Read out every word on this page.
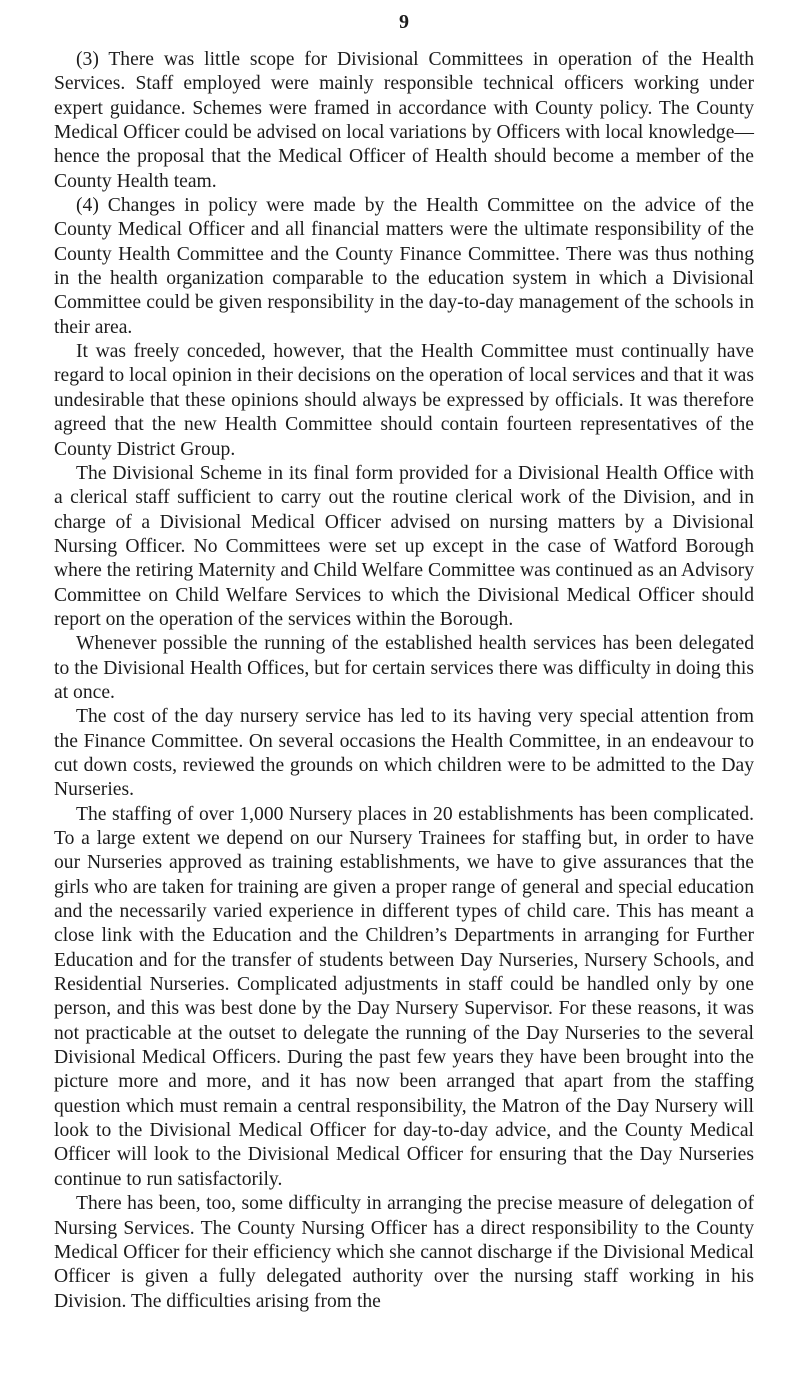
9

(3) There was little scope for Divisional Committees in operation of the Health Services. Staff employed were mainly responsible technical officers working under expert guidance. Schemes were framed in accordance with County policy. The County Medical Officer could be advised on local variations by Officers with local knowledge—hence the proposal that the Medical Officer of Health should become a member of the County Health team.

(4) Changes in policy were made by the Health Committee on the advice of the County Medical Officer and all financial matters were the ultimate responsibility of the County Health Committee and the County Finance Committee. There was thus nothing in the health organization comparable to the education system in which a Divisional Committee could be given responsibility in the day-to-day management of the schools in their area.

It was freely conceded, however, that the Health Committee must continually have regard to local opinion in their decisions on the operation of local services and that it was undesirable that these opinions should always be expressed by officials. It was therefore agreed that the new Health Committee should contain fourteen representatives of the County District Group.

The Divisional Scheme in its final form provided for a Divisional Health Office with a clerical staff sufficient to carry out the routine clerical work of the Division, and in charge of a Divisional Medical Officer advised on nursing matters by a Divisional Nursing Officer. No Committees were set up except in the case of Watford Borough where the retiring Maternity and Child Welfare Committee was continued as an Advisory Committee on Child Welfare Services to which the Divisional Medical Officer should report on the operation of the services within the Borough.

Whenever possible the running of the established health services has been delegated to the Divisional Health Offices, but for certain services there was difficulty in doing this at once.

The cost of the day nursery service has led to its having very special attention from the Finance Committee. On several occasions the Health Committee, in an endeavour to cut down costs, reviewed the grounds on which children were to be admitted to the Day Nurseries.

The staffing of over 1,000 Nursery places in 20 establishments has been complicated. To a large extent we depend on our Nursery Trainees for staffing but, in order to have our Nurseries approved as training establishments, we have to give assurances that the girls who are taken for training are given a proper range of general and special education and the necessarily varied experience in different types of child care. This has meant a close link with the Education and the Children’s Departments in arranging for Further Education and for the transfer of students between Day Nurseries, Nursery Schools, and Residential Nurseries. Complicated adjustments in staff could be handled only by one person, and this was best done by the Day Nursery Supervisor. For these reasons, it was not practicable at the outset to delegate the running of the Day Nurseries to the several Divisional Medical Officers. During the past few years they have been brought into the picture more and more, and it has now been arranged that apart from the staffing question which must remain a central responsibility, the Matron of the Day Nursery will look to the Divisional Medical Officer for day-to-day advice, and the County Medical Officer will look to the Divisional Medical Officer for ensuring that the Day Nurseries continue to run satisfactorily.

There has been, too, some difficulty in arranging the precise measure of delegation of Nursing Services. The County Nursing Officer has a direct responsibility to the County Medical Officer for their efficiency which she cannot discharge if the Divisional Medical Officer is given a fully delegated authority over the nursing staff working in his Division. The difficulties arising from the
